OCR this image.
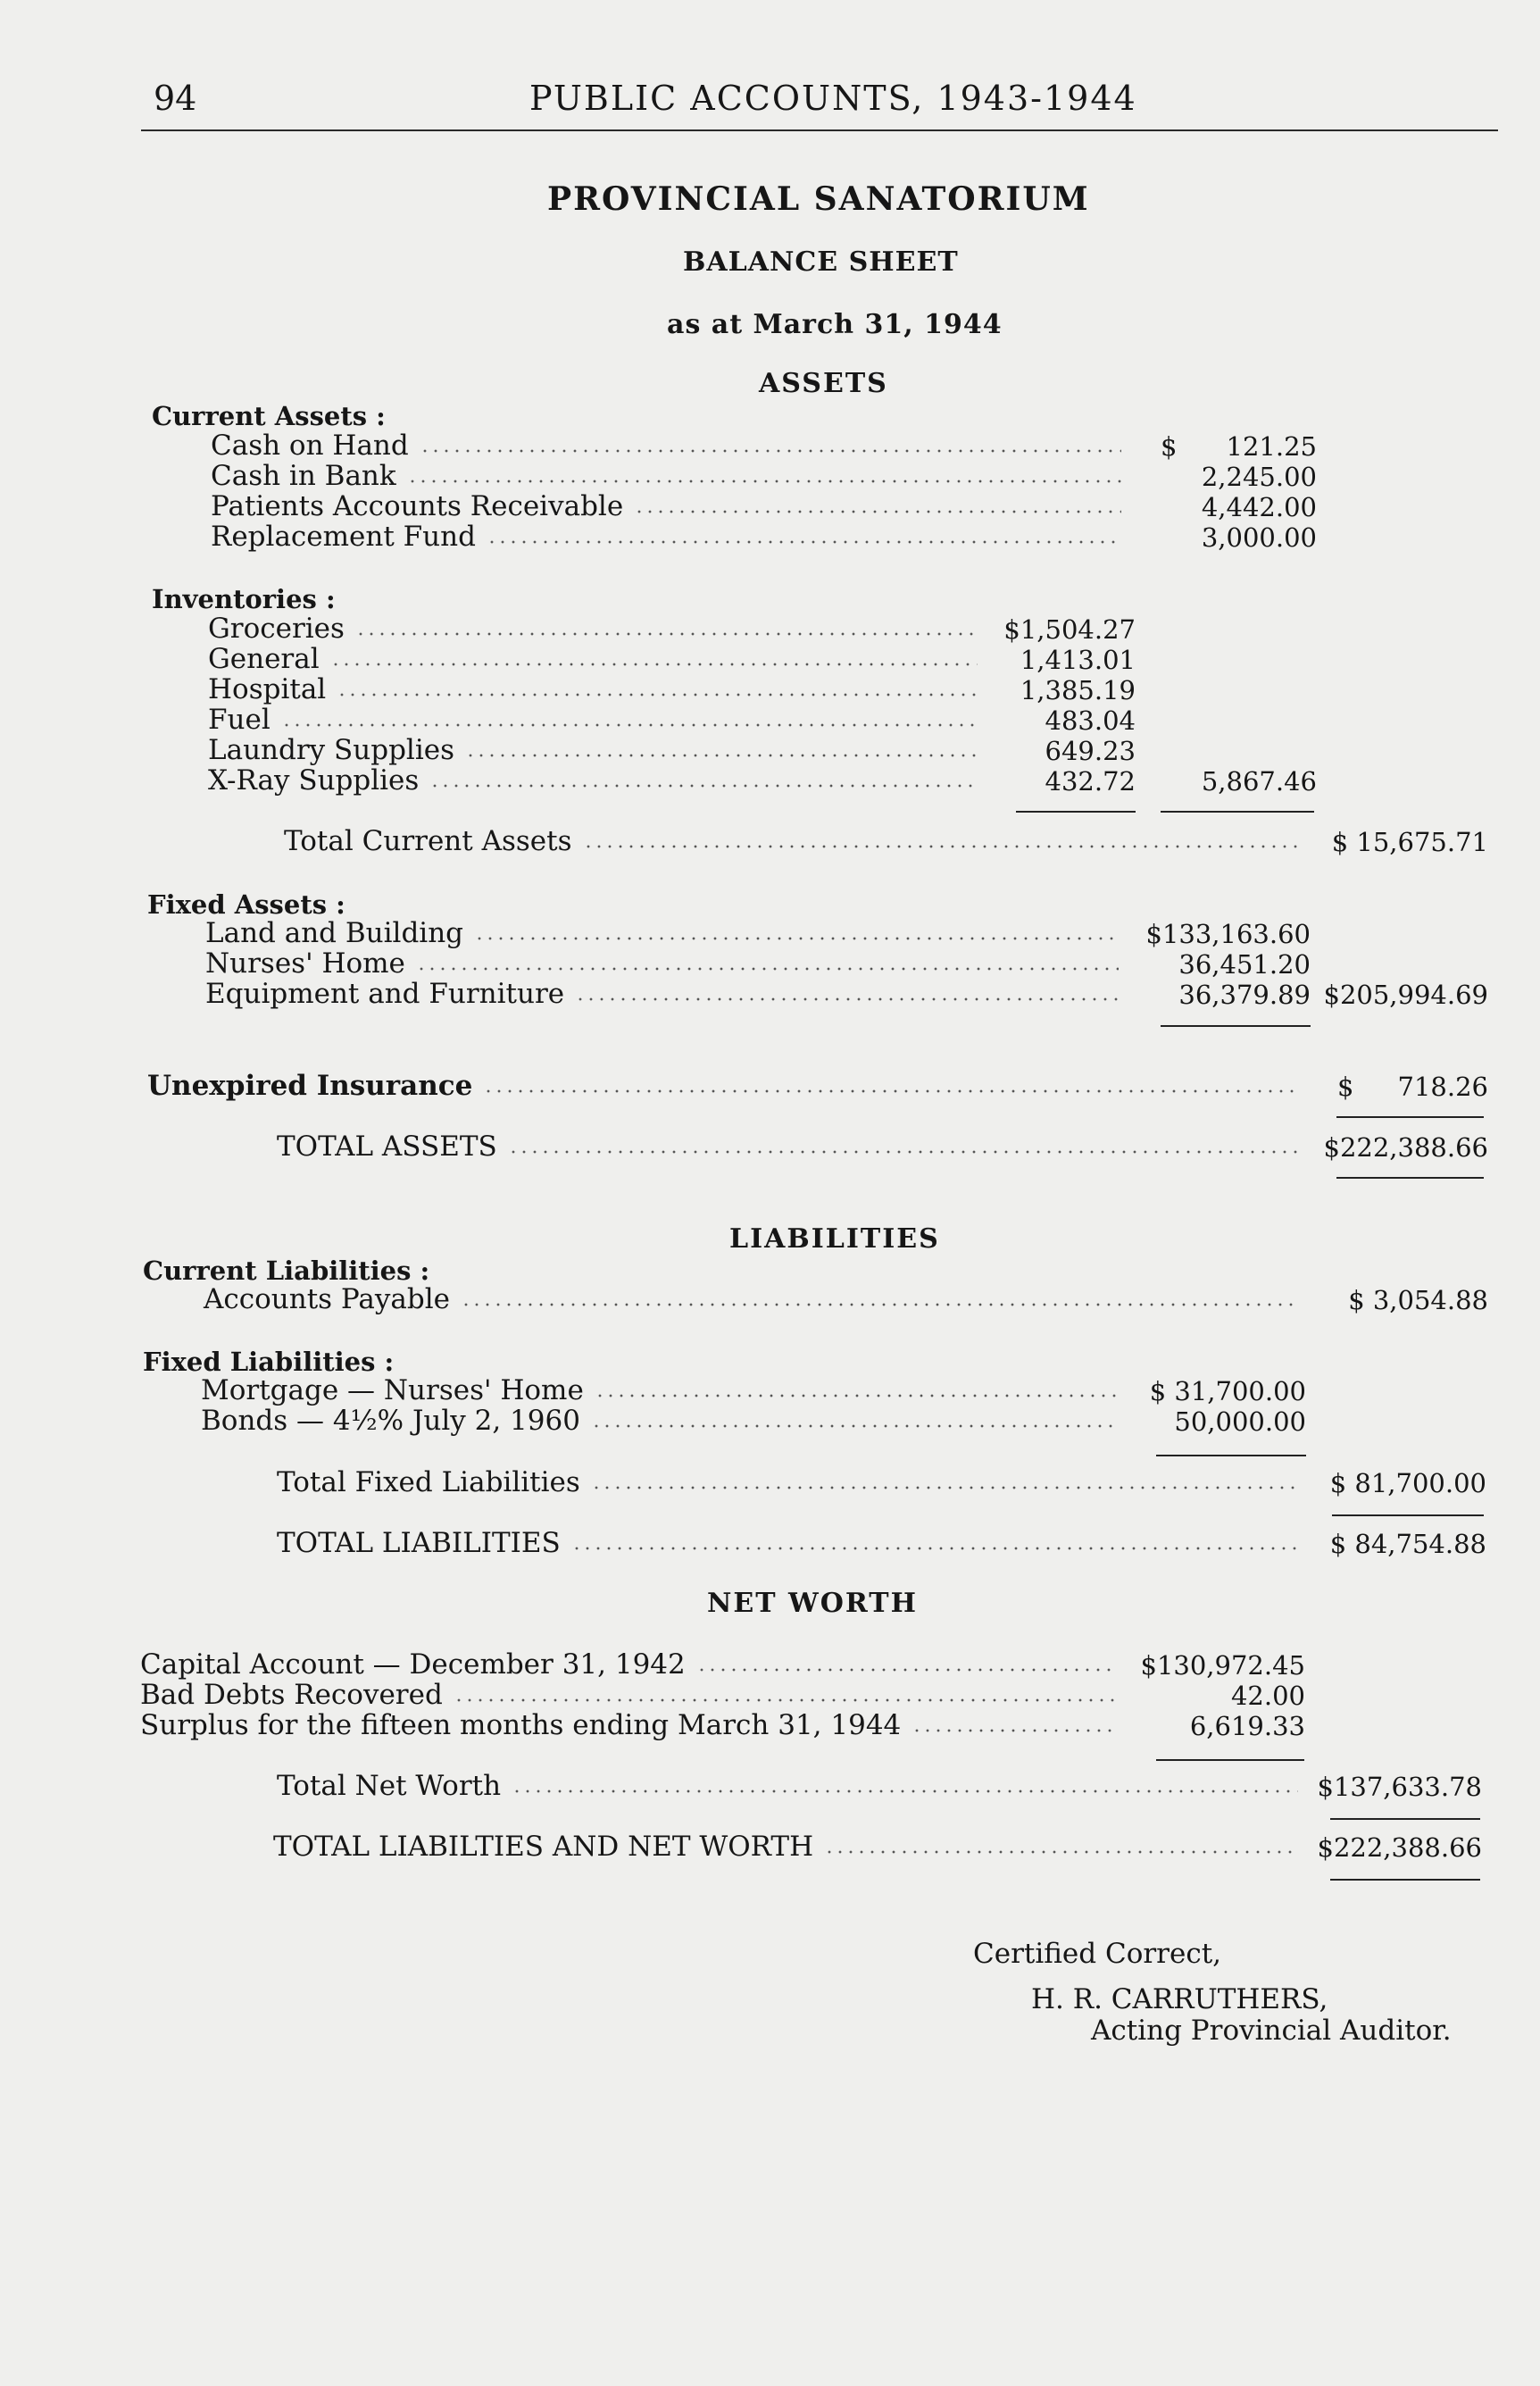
94	PUBLIC ACCOUNTS, 1943-1944
PROVINCIAL SANATORIUM
BALANCE SHEET
as at March 31, 1944
ASSETS
Current Assets :
Cash on Hand	$ 121.25
Cash in Bank	2,245.00
Patients Accounts Receivable	4,442.00
Replacement Fund	3,000.00
Inventories :
Groceries	$1,504.27
General	1,413.01
Hospital	1,385.19
Fuel	483.04
Laundry Supplies	649.23
X-Ray Supplies	432.72	5,867.46
Total Current Assets	$ 15,675.71
Fixed Assets :
Land and Building	$133,163.60
Nurses' Home	36,451.20
Equipment and Furniture	36,379.89 $205,994.69
Unexpired Insurance	$ 718.26
TOTAL ASSETS	$222,388.66
LIABILITIES
Current Liabilities :
Accounts Payable	$ 3,054.88
Fixed Liabilities :
Mortgage — Nurses' Home	$ 31,700.00
Bonds — 4½% July 2, 1960	50,000.00
Total Fixed Liabilities	$ 81,700.00
TOTAL LIABILITIES	$ 84,754.88
NET WORTH
Capital Account — December 31, 1942	$130,972.45
Bad Debts Recovered	42.00
Surplus for the fifteen months ending March 31, 1944	6,619.33
Total Net Worth	$137,633.78
TOTAL LIABILTIES AND NET WORTH	$222,388.66
Certified Correct,
H. R. CARRUTHERS,
Acting Provincial Auditor.
